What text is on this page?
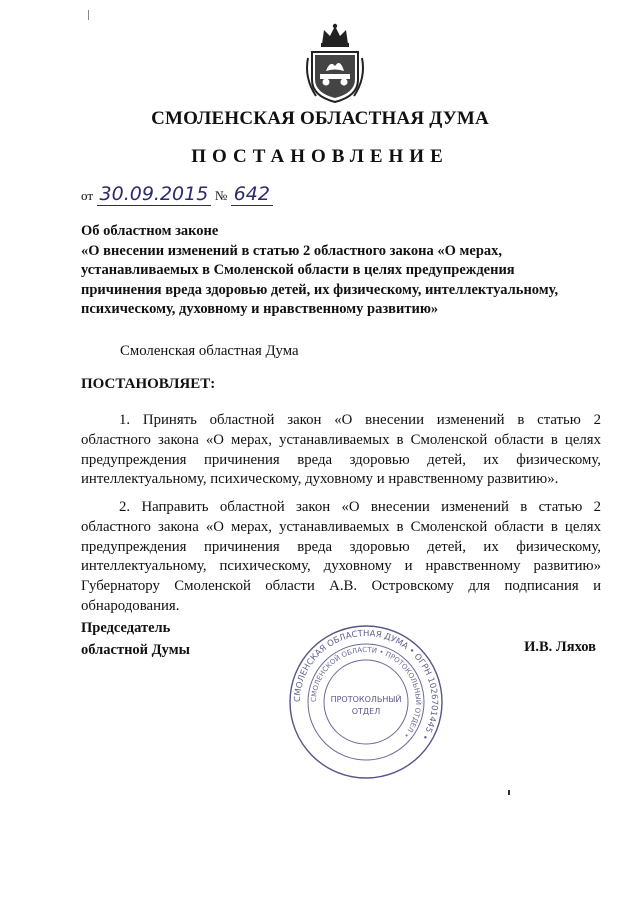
СМОЛЕНСКАЯ ОБЛАСТНАЯ ДУМА
ПОСТАНОВЛЕНИЕ
от 30.09.2015 № 642
Об областном законе
«О внесении изменений в статью 2 областного закона «О мерах,
устанавливаемых в Смоленской области в целях предупреждения
причинения вреда здоровью детей, их физическому, интеллектуальному,
психическому, духовному и нравственному развитию»
Смоленская областная Дума
ПОСТАНОВЛЯЕТ:
1. Принять областной закон «О внесении изменений в статью 2
областного закона «О мерах, устанавливаемых в Смоленской области в целях
предупреждения причинения вреда здоровью детей, их физическому,
интеллектуальному, психическому, духовному и нравственному развитию».
2. Направить областной закон «О внесении изменений в статью 2
областного закона «О мерах, устанавливаемых в Смоленской области в целях
предупреждения причинения вреда здоровью детей, их физическому,
интеллектуальному, психическому, духовному и нравственному развитию»
Губернатору Смоленской области А.В. Островскому для подписания и
обнародования.
Председатель
областной Думы
СМОЛЕНСКАЯ ОБЛАСТНАЯ ДУМА • ОГРН 1026701445 •
СМОЛЕНСКОЙ ОБЛАСТИ • ПРОТОКОЛЬНЫЙ ОТДЕЛ •
ПРОТОКОЛЬНЫЙ
ОТДЕЛ
И.В. Ляхов
